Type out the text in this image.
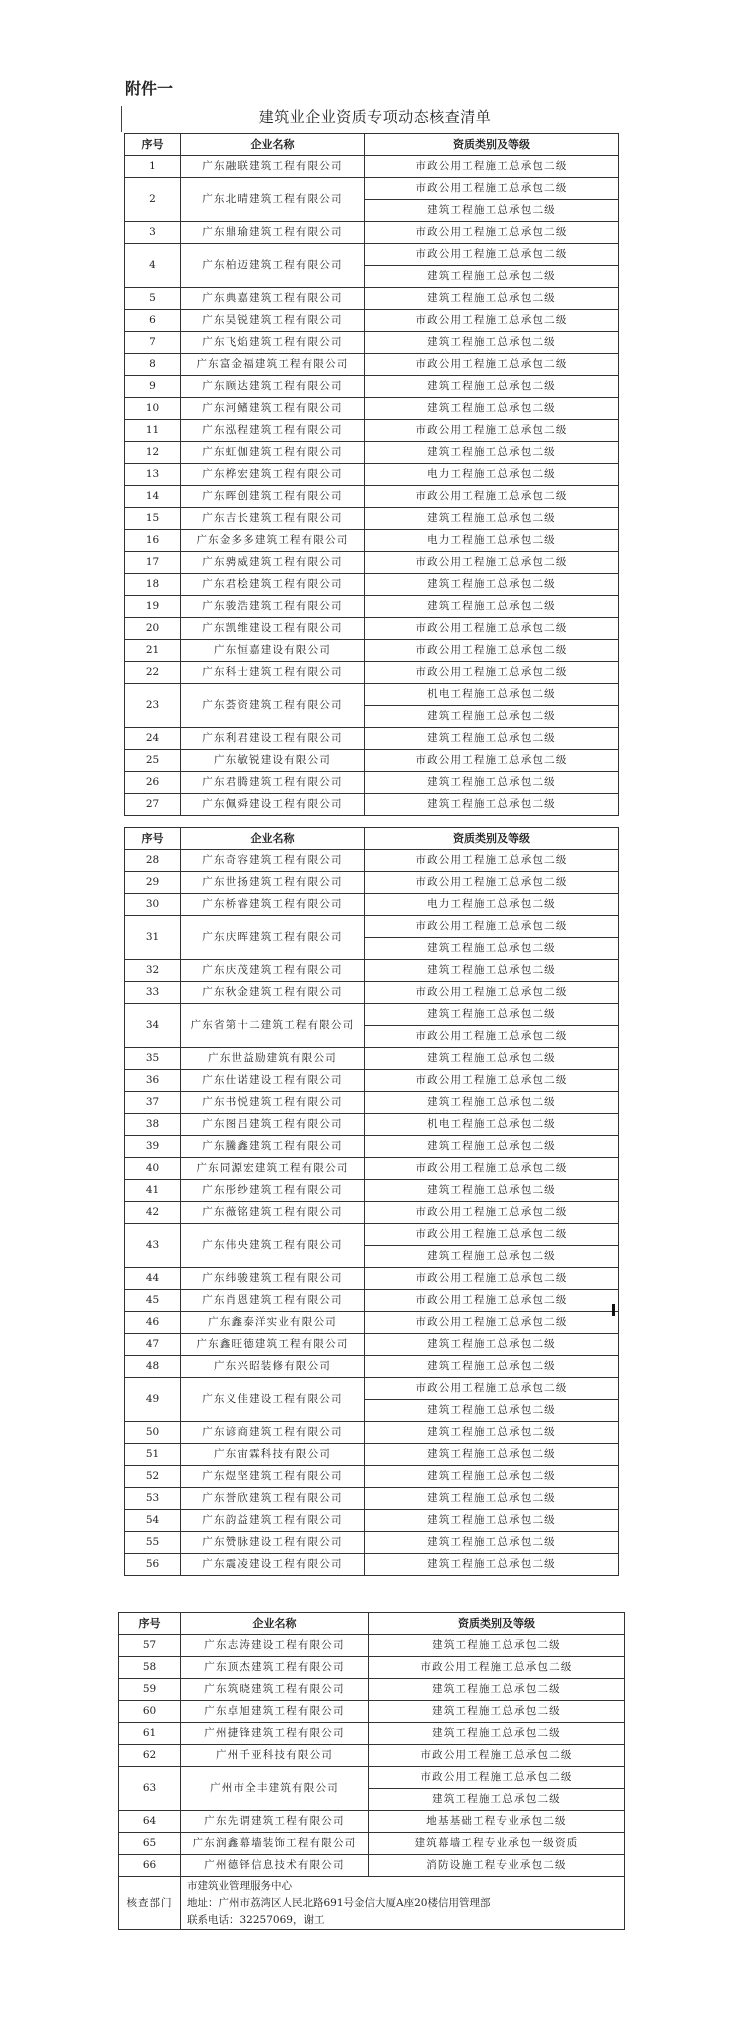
附件一
建筑业企业资质专项动态核查清单
序号	企业名称	资质类别及等级
1	广东融联建筑工程有限公司	市政公用工程施工总承包二级
2	广东北晴建筑工程有限公司	市政公用工程施工总承包二级
		建筑工程施工总承包二级
3	广东鼎瑜建筑工程有限公司	市政公用工程施工总承包二级
4	广东柏迈建筑工程有限公司	市政公用工程施工总承包二级
		建筑工程施工总承包二级
5	广东典嘉建筑工程有限公司	建筑工程施工总承包二级
6	广东昊锐建筑工程有限公司	市政公用工程施工总承包二级
7	广东飞焰建筑工程有限公司	建筑工程施工总承包二级
8	广东富金福建筑工程有限公司	市政公用工程施工总承包二级
9	广东顾达建筑工程有限公司	建筑工程施工总承包二级
10	广东河鳍建筑工程有限公司	建筑工程施工总承包二级
11	广东泓程建筑工程有限公司	市政公用工程施工总承包二级
12	广东虹伽建筑工程有限公司	建筑工程施工总承包二级
13	广东桦宏建筑工程有限公司	电力工程施工总承包二级
14	广东晖创建筑工程有限公司	市政公用工程施工总承包二级
15	广东吉长建筑工程有限公司	建筑工程施工总承包二级
16	广东金多多建筑工程有限公司	电力工程施工总承包二级
17	广东骋威建筑工程有限公司	市政公用工程施工总承包二级
18	广东君桧建筑工程有限公司	建筑工程施工总承包二级
19	广东骏浩建筑工程有限公司	建筑工程施工总承包二级
20	广东凯维建设工程有限公司	市政公用工程施工总承包二级
21	广东恒嘉建设有限公司	市政公用工程施工总承包二级
22	广东科士建筑工程有限公司	市政公用工程施工总承包二级
23	广东荟资建筑工程有限公司	机电工程施工总承包二级
		建筑工程施工总承包二级
24	广东利君建设工程有限公司	建筑工程施工总承包二级
25	广东敏锐建设有限公司	市政公用工程施工总承包二级
26	广东君腾建筑工程有限公司	建筑工程施工总承包二级
27	广东佩舜建设工程有限公司	建筑工程施工总承包二级
序号	企业名称	资质类别及等级
28	广东奇容建筑工程有限公司	市政公用工程施工总承包二级
29	广东世扬建筑工程有限公司	市政公用工程施工总承包二级
30	广东桥睿建筑工程有限公司	电力工程施工总承包二级
31	广东庆晖建筑工程有限公司	市政公用工程施工总承包二级
		建筑工程施工总承包二级
32	广东庆茂建筑工程有限公司	建筑工程施工总承包二级
33	广东秋金建筑工程有限公司	市政公用工程施工总承包二级
34	广东省第十二建筑工程有限公司	建筑工程施工总承包二级
		市政公用工程施工总承包二级
35	广东世益励建筑有限公司	建筑工程施工总承包二级
36	广东仕诺建设工程有限公司	市政公用工程施工总承包二级
37	广东书悦建筑工程有限公司	建筑工程施工总承包二级
38	广东图吕建筑工程有限公司	机电工程施工总承包二级
39	广东騰鑫建筑工程有限公司	建筑工程施工总承包二级
40	广东同源宏建筑工程有限公司	市政公用工程施工总承包二级
41	广东彤纱建筑工程有限公司	建筑工程施工总承包二级
42	广东薇铭建筑工程有限公司	市政公用工程施工总承包二级
43	广东伟央建筑工程有限公司	市政公用工程施工总承包二级
		建筑工程施工总承包二级
44	广东纬骏建筑工程有限公司	市政公用工程施工总承包二级
45	广东肖恩建筑工程有限公司	市政公用工程施工总承包二级
46	广东鑫泰洋实业有限公司	市政公用工程施工总承包二级
47	广东鑫旺德建筑工程有限公司	建筑工程施工总承包二级
48	广东兴昭装修有限公司	建筑工程施工总承包二级
49	广东义佳建设工程有限公司	市政公用工程施工总承包二级
		建筑工程施工总承包二级
50	广东谚商建筑工程有限公司	建筑工程施工总承包二级
51	广东宙霖科技有限公司	建筑工程施工总承包二级
52	广东煜坚建筑工程有限公司	建筑工程施工总承包二级
53	广东誉欣建筑工程有限公司	建筑工程施工总承包二级
54	广东韵益建筑工程有限公司	建筑工程施工总承包二级
55	广东赞脉建设工程有限公司	建筑工程施工总承包二级
56	广东震凌建设工程有限公司	建筑工程施工总承包二级
序号	企业名称	资质类别及等级
57	广东志涛建设工程有限公司	建筑工程施工总承包二级
58	广东顶杰建筑工程有限公司	市政公用工程施工总承包二级
59	广东筑晓建筑工程有限公司	建筑工程施工总承包二级
60	广东卓旭建筑工程有限公司	建筑工程施工总承包二级
61	广州捷锋建筑工程有限公司	建筑工程施工总承包二级
62	广州千亚科技有限公司	市政公用工程施工总承包二级
63	广州市全丰建筑有限公司	市政公用工程施工总承包二级
		建筑工程施工总承包二级
64	广东先谓建筑工程有限公司	地基基础工程专业承包二级
65	广东润鑫幕墙装饰工程有限公司	建筑幕墙工程专业承包一级资质
66	广州德铎信息技术有限公司	消防设施工程专业承包二级
核查部门	市建筑业管理服务中心
地址：广州市荔湾区人民北路691号金信大厦A座20楼信用管理部
联系电话：32257069，谢工	
